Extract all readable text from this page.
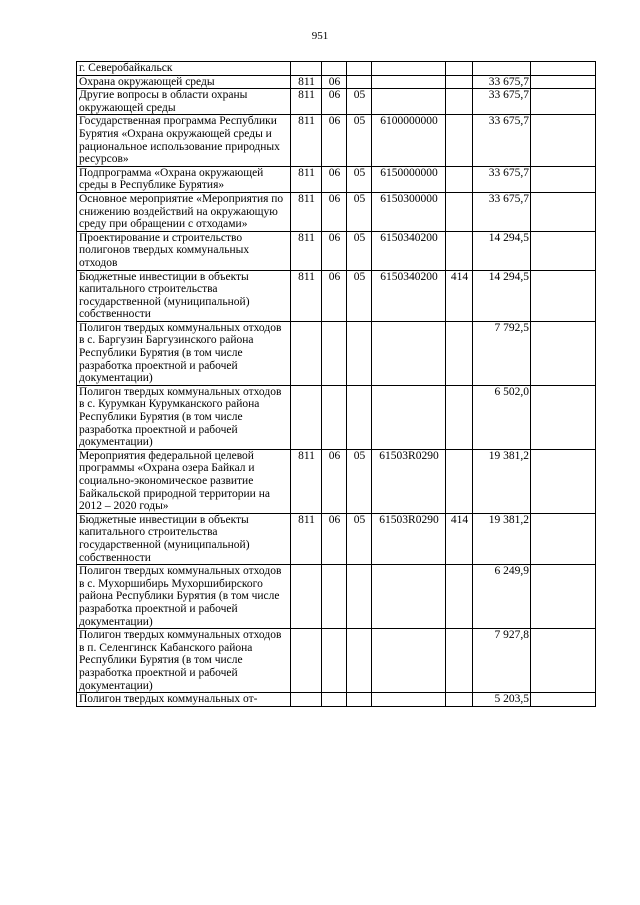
951
г. Северобайкальск							
Охрана окружающей среды	811	06				33 675,7	
Другие вопросы в области охраны окружающей среды	811	06	05			33 675,7	
Государственная программа Республики Бурятия «Охрана окружающей среды и рациональное использование природных ресурсов»	811	06	05	6100000000		33 675,7	
Подпрограмма «Охрана окружающей среды в Республике Бурятия»	811	06	05	6150000000		33 675,7	
Основное мероприятие «Мероприятия по снижению воздействий на окружающую среду при обращении с отходами»	811	06	05	6150300000		33 675,7	
Проектирование и строительство полигонов твердых коммунальных отходов	811	06	05	6150340200		14 294,5	
Бюджетные инвестиции в объекты капитального строительства государственной (муниципальной) собственности	811	06	05	6150340200	414	14 294,5	
Полигон твердых коммунальных отходов в с. Баргузин Баргузинского района Республики Бурятия (в том числе разработка проектной и рабочей документации)						7 792,5	
Полигон твердых коммунальных отходов в с. Курумкан Курумканского района Республики Бурятия (в том числе разработка проектной и рабочей документации)						6 502,0	
Мероприятия федеральной целевой программы «Охрана озера Байкал и социально-экономическое развитие Байкальской природной территории на 2012 – 2020 годы»	811	06	05	61503R0290		19 381,2	
Бюджетные инвестиции в объекты капитального строительства государственной (муниципальной) собственности	811	06	05	61503R0290	414	19 381,2	
Полигон твердых коммунальных отходов в с. Мухоршибирь Мухоршибирского района Республики Бурятия (в том числе разработка проектной и рабочей документации)						6 249,9	
Полигон твердых коммунальных отходов в п. Селенгинск Кабанского района Республики Бурятия (в том числе разработка проектной и рабочей документации)						7 927,8	
Полигон твердых коммунальных от-						5 203,5	
